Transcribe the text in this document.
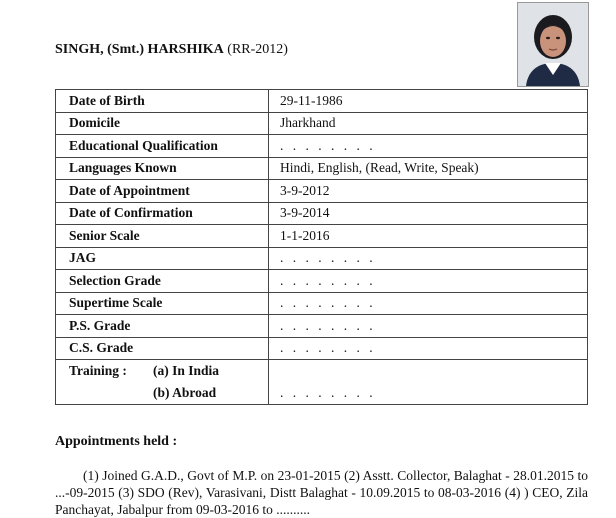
SINGH, (Smt.) HARSHIKA (RR-2012)
Date of Birth	29-11-1986
Domicile	Jharkhand
Educational Qualification	. . . . . . . .
Languages Known	Hindi, English, (Read, Write, Speak)
Date of Appointment	3-9-2012
Date of Confirmation	3-9-2014
Senior Scale	1-1-2016
JAG	. . . . . . . .
Selection Grade	. . . . . . . .
Supertime Scale	. . . . . . . .
P.S. Grade	. . . . . . . .
C.S. Grade	. . . . . . . .

Training : (a) In India
(b) Abroad	. . . . . . . .
Appointments held :
(1) Joined G.A.D., Govt of M.P. on 23-01-2015 (2) Asstt. Collector, Balaghat - 28.01.2015 to ...-09-2015 (3) SDO (Rev), Varasivani, Distt Balaghat - 10.09.2015 to 08-03-2016 (4) ) CEO, Zila Panchayat, Jabalpur from 09-03-2016 to ..........
